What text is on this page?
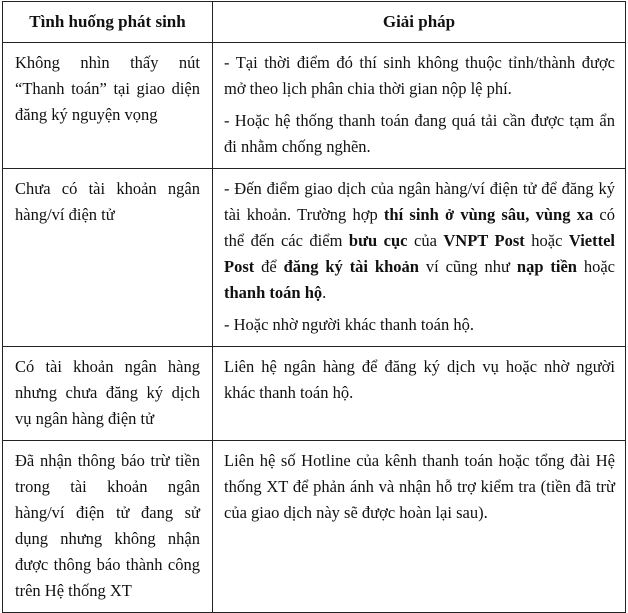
Tình huống phát sinh	Giải pháp
Không nhìn thấy nút “Thanh toán” tại giao diện đăng ký nguyện vọng	- Tại thời điểm đó thí sinh không thuộc tỉnh/thành được mở theo lịch phân chia thời gian nộp lệ phí.

- Hoặc hệ thống thanh toán đang quá tải cần được tạm ẩn đi nhằm chống nghẽn.

Chưa có tài khoản ngân hàng/ví điện tử	- Đến điểm giao dịch của ngân hàng/ví điện tử để đăng ký tài khoản. Trường hợp thí sinh ở vùng sâu, vùng xa có thể đến các điểm bưu cục của VNPT Post hoặc Viettel Post để đăng ký tài khoản ví cũng như nạp tiền hoặc thanh toán hộ.

- Hoặc nhờ người khác thanh toán hộ.

Có tài khoản ngân hàng nhưng chưa đăng ký dịch vụ ngân hàng điện tử	Liên hệ ngân hàng để đăng ký dịch vụ hoặc nhờ người khác thanh toán hộ.
Đã nhận thông báo trừ tiền trong tài khoản ngân hàng/ví điện tử đang sử dụng nhưng không nhận được thông báo thành công trên Hệ thống XT	Liên hệ số Hotline của kênh thanh toán hoặc tổng đài Hệ thống XT để phản ánh và nhận hỗ trợ kiểm tra (tiền đã trừ của giao dịch này sẽ được hoàn lại sau).
